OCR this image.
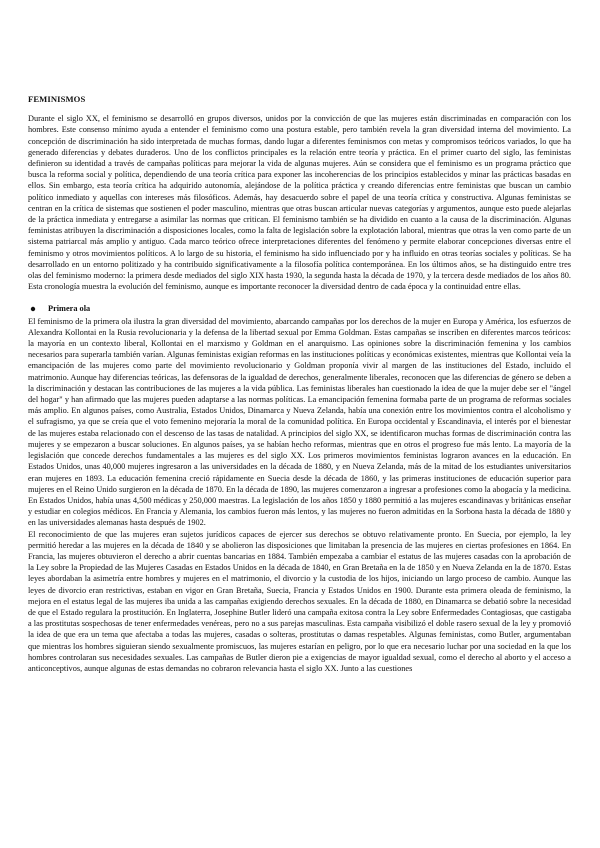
FEMINISMOS

Durante el siglo XX, el feminismo se desarrolló en grupos diversos, unidos por la convicción de que las mujeres están discriminadas en comparación con los hombres. Este consenso mínimo ayuda a entender el feminismo como una postura estable, pero también revela la gran diversidad interna del movimiento. La concepción de discriminación ha sido interpretada de muchas formas, dando lugar a diferentes feminismos con metas y compromisos teóricos variados, lo que ha generado diferencias y debates duraderos. Uno de los conflictos principales es la relación entre teoría y práctica. En el primer cuarto del siglo, las feministas definieron su identidad a través de campañas políticas para mejorar la vida de algunas mujeres. Aún se considera que el feminismo es un programa práctico que busca la reforma social y política, dependiendo de una teoría crítica para exponer las incoherencias de los principios establecidos y minar las prácticas basadas en ellos. Sin embargo, esta teoría crítica ha adquirido autonomía, alejándose de la política práctica y creando diferencias entre feministas que buscan un cambio político inmediato y aquellas con intereses más filosóficos. Además, hay desacuerdo sobre el papel de una teoría crítica y constructiva. Algunas feministas se centran en la crítica de sistemas que sostienen el poder masculino, mientras que otras buscan articular nuevas categorías y argumentos, aunque esto puede alejarlas de la práctica inmediata y entregarse a asimilar las normas que critican. El feminismo también se ha dividido en cuanto a la causa de la discriminación. Algunas feministas atribuyen la discriminación a disposiciones locales, como la falta de legislación sobre la explotación laboral, mientras que otras la ven como parte de un sistema patriarcal más amplio y antiguo. Cada marco teórico ofrece interpretaciones diferentes del fenómeno y permite elaborar concepciones diversas entre el feminismo y otros movimientos políticos. A lo largo de su historia, el feminismo ha sido influenciado por y ha influido en otras teorías sociales y políticas. Se ha desarrollado en un entorno politizado y ha contribuido significativamente a la filosofía política contemporánea. En los últimos años, se ha distinguido entre tres olas del feminismo moderno: la primera desde mediados del siglo XIX hasta 1930, la segunda hasta la década de 1970, y la tercera desde mediados de los años 80. Esta cronología muestra la evolución del feminismo, aunque es importante reconocer la diversidad dentro de cada época y la continuidad entre ellas.

Primera ola

El feminismo de la primera ola ilustra la gran diversidad del movimiento, abarcando campañas por los derechos de la mujer en Europa y América, los esfuerzos de Alexandra Kollontai en la Rusia revolucionaria y la defensa de la libertad sexual por Emma Goldman. Estas campañas se inscriben en diferentes marcos teóricos: la mayoría en un contexto liberal, Kollontai en el marxismo y Goldman en el anarquismo. Las opiniones sobre la discriminación femenina y los cambios necesarios para superarla también varían. Algunas feministas exigían reformas en las instituciones políticas y económicas existentes, mientras que Kollontai veía la emancipación de las mujeres como parte del movimiento revolucionario y Goldman proponía vivir al margen de las instituciones del Estado, incluido el matrimonio. Aunque hay diferencias teóricas, las defensoras de la igualdad de derechos, generalmente liberales, reconocen que las diferencias de género se deben a la discriminación y destacan las contribuciones de las mujeres a la vida pública. Las feministas liberales han cuestionado la idea de que la mujer debe ser el "ángel del hogar" y han afirmado que las mujeres pueden adaptarse a las normas políticas. La emancipación femenina formaba parte de un programa de reformas sociales más amplio. En algunos países, como Australia, Estados Unidos, Dinamarca y Nueva Zelanda, había una conexión entre los movimientos contra el alcoholismo y el sufragismo, ya que se creía que el voto femenino mejoraría la moral de la comunidad política. En Europa occidental y Escandinavia, el interés por el bienestar de las mujeres estaba relacionado con el descenso de las tasas de natalidad. A principios del siglo XX, se identificaron muchas formas de discriminación contra las mujeres y se empezaron a buscar soluciones. En algunos países, ya se habían hecho reformas, mientras que en otros el progreso fue más lento. La mayoría de la legislación que concede derechos fundamentales a las mujeres es del siglo XX. Los primeros movimientos feministas lograron avances en la educación. En Estados Unidos, unas 40,000 mujeres ingresaron a las universidades en la década de 1880, y en Nueva Zelanda, más de la mitad de los estudiantes universitarios eran mujeres en 1893. La educación femenina creció rápidamente en Suecia desde la década de 1860, y las primeras instituciones de educación superior para mujeres en el Reino Unido surgieron en la década de 1870. En la década de 1890, las mujeres comenzaron a ingresar a profesiones como la abogacía y la medicina. En Estados Unidos, había unas 4,500 médicas y 250,000 maestras. La legislación de los años 1850 y 1880 permitió a las mujeres escandinavas y británicas enseñar y estudiar en colegios médicos. En Francia y Alemania, los cambios fueron más lentos, y las mujeres no fueron admitidas en la Sorbona hasta la década de 1880 y en las universidades alemanas hasta después de 1902.

El reconocimiento de que las mujeres eran sujetos jurídicos capaces de ejercer sus derechos se obtuvo relativamente pronto. En Suecia, por ejemplo, la ley permitió heredar a las mujeres en la década de 1840 y se abolieron las disposiciones que limitaban la presencia de las mujeres en ciertas profesiones en 1864. En Francia, las mujeres obtuvieron el derecho a abrir cuentas bancarias en 1884. También empezaba a cambiar el estatus de las mujeres casadas con la aprobación de la Ley sobre la Propiedad de las Mujeres Casadas en Estados Unidos en la década de 1840, en Gran Bretaña en la de 1850 y en Nueva Zelanda en la de 1870. Estas leyes abordaban la asimetría entre hombres y mujeres en el matrimonio, el divorcio y la custodia de los hijos, iniciando un largo proceso de cambio. Aunque las leyes de divorcio eran restrictivas, estaban en vigor en Gran Bretaña, Suecia, Francia y Estados Unidos en 1900. Durante esta primera oleada de feminismo, la mejora en el estatus legal de las mujeres iba unida a las campañas exigiendo derechos sexuales. En la década de 1880, en Dinamarca se debatió sobre la necesidad de que el Estado regulara la prostitución. En Inglaterra, Josephine Butler lideró una campaña exitosa contra la Ley sobre Enfermedades Contagiosas, que castigaba a las prostitutas sospechosas de tener enfermedades venéreas, pero no a sus parejas masculinas. Esta campaña visibilizó el doble rasero sexual de la ley y promovió la idea de que era un tema que afectaba a todas las mujeres, casadas o solteras, prostitutas o damas respetables. Algunas feministas, como Butler, argumentaban que mientras los hombres siguieran siendo sexualmente promiscuos, las mujeres estarían en peligro, por lo que era necesario luchar por una sociedad en la que los hombres controlaran sus necesidades sexuales. Las campañas de Butler dieron pie a exigencias de mayor igualdad sexual, como el derecho al aborto y el acceso a anticonceptivos, aunque algunas de estas demandas no cobraron relevancia hasta el siglo XX. Junto a las cuestiones
